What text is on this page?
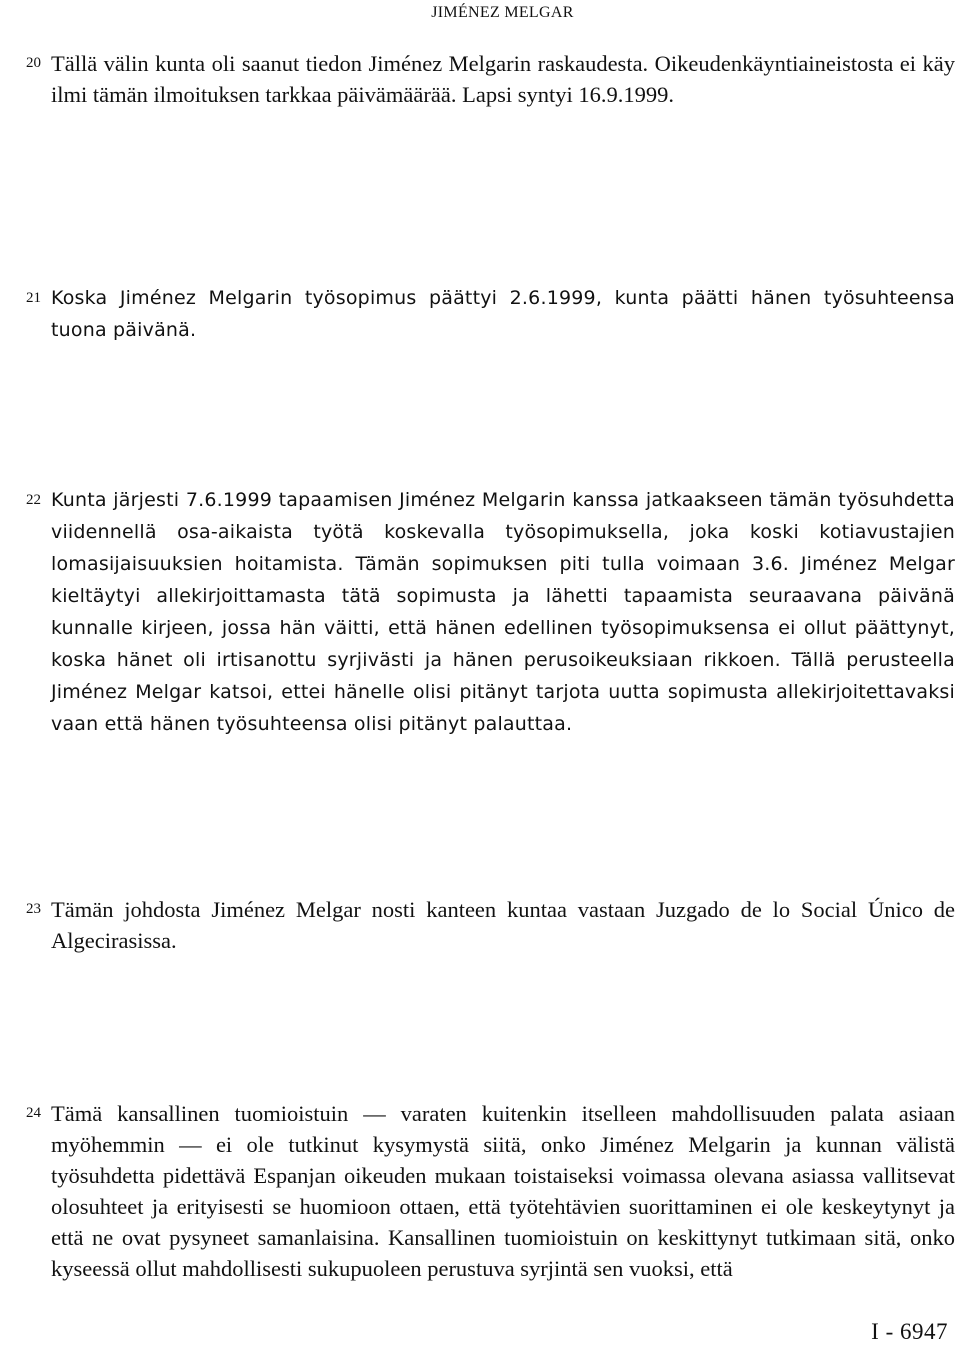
JIMÉNEZ MELGAR
20 Tällä välin kunta oli saanut tiedon Jiménez Melgarin raskaudesta. Oikeudenkäyntiaineistosta ei käy ilmi tämän ilmoituksen tarkkaa päivämäärää. Lapsi syntyi 16.9.1999.
21 Koska Jiménez Melgarin työsopimus päättyi 2.6.1999, kunta päätti hänen työsuhteensa tuona päivänä.
22 Kunta järjesti 7.6.1999 tapaamisen Jiménez Melgarin kanssa jatkaakseen tämän työsuhdetta viidennellä osa-aikaista työtä koskevalla työsopimuksella, joka koski kotiavustajien lomasijaisuuksien hoitamista. Tämän sopimuksen piti tulla voimaan 3.6. Jiménez Melgar kieltäytyi allekirjoittamasta tätä sopimusta ja lähetti tapaamista seuraavana päivänä kunnalle kirjeen, jossa hän väitti, että hänen edellinen työsopimuksensa ei ollut päättynyt, koska hänet oli irtisanottu syrjivästi ja hänen perusoikeuksiaan rikkoen. Tällä perusteella Jiménez Melgar katsoi, ettei hänelle olisi pitänyt tarjota uutta sopimusta allekirjoitettavaksi vaan että hänen työsuhteensa olisi pitänyt palauttaa.
23 Tämän johdosta Jiménez Melgar nosti kanteen kuntaa vastaan Juzgado de lo Social Único de Algecirasissa.
24 Tämä kansallinen tuomioistuin — varaten kuitenkin itselleen mahdollisuuden palata asiaan myöhemmin — ei ole tutkinut kysymystä siitä, onko Jiménez Melgarin ja kunnan välistä työsuhdetta pidettävä Espanjan oikeuden mukaan toistaiseksi voimassa olevana asiassa vallitsevat olosuhteet ja erityisesti se huomioon ottaen, että työtehtävien suorittaminen ei ole keskeytynyt ja että ne ovat pysyneet samanlaisina. Kansallinen tuomioistuin on keskittynyt tutkimaan sitä, onko kyseessä ollut mahdollisesti sukupuoleen perustuva syrjintä sen vuoksi, että
I - 6947
